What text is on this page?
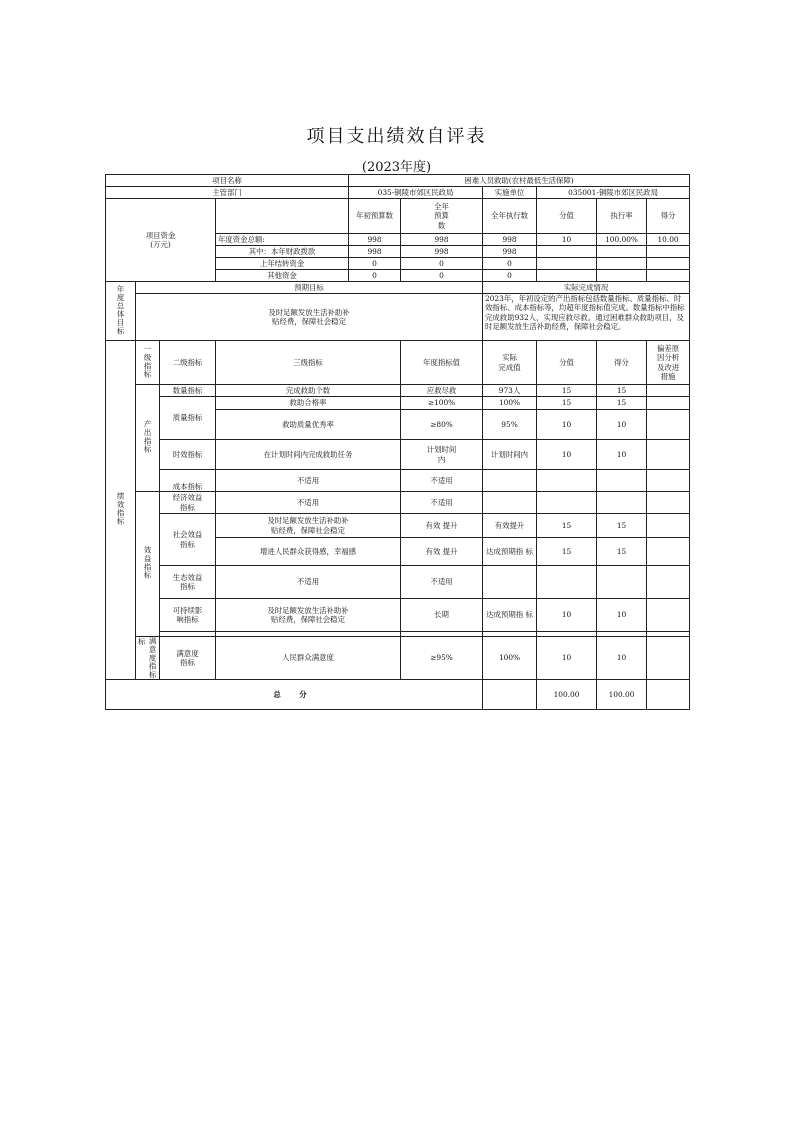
项目支出绩效自评表
(2023年度)
项目名称				困难人员救助(农村最低生活保障)					
主管部门				035-铜陵市郊区民政局		实施单位	035001-铜陵市郊区民政局		
项目资金
(万元)				年初预算数	全年
预算
数	全年执行数	分值	执行率	得分
			年度资金总额:	998	998	998	10	100.00%	10.00
			其中：本年财政拨款	998	998	998			
			上年结转资金	0	0	0			
			其他资金	0	0	0			
年度总体目标	预期目标					实际完成情况			
	及时足额发放生活补助补
贴经费，保障社会稳定					2023年，年初设定的产出指标包括数量指标、质量指标、时效指标、成本指标等，均超年度指标值完成。数量指标中指标完成救助932人，实现应救尽救。通过困难群众救助项目，及时足额发放生活补助经费，保障社会稳定。			
绩效指标	一级指标	二级指标	三级指标		年度指标值	实际
完成值	分值	得分	偏差原
因分析
及改进
措施
	产出指标	数量指标	完成救助个数		应救尽救	973人	15	15	
		质量指标	救助合格率		≥100%	100%	15	15	
			救助质量优秀率		≥80%	95%	10	10	
		时效指标	在计划时间内完成救助任务		计划时间
内	计划时间内	10	10	
		成本指标	不适用		不适用				
	效益指标	经济效益
指标	不适用		不适用				
		社会效益
指标	及时足额发放生活补助补
贴经费，保障社会稳定		有效 提升	有效提升	15	15	
			增进人民群众获得感，幸福感		有效 提升	达成预期指 标	15	15	
		生态效益
指标	不适用		不适用				
		可持续影
响指标	及时足额发放生活补助补
贴经费，保障社会稳定		长期	达成预期指 标	10	10	

	标 满意度指标	满意度
指标	人民群众满意度		≥95%	100%	10	10	
总 分							100.00	100.00	
